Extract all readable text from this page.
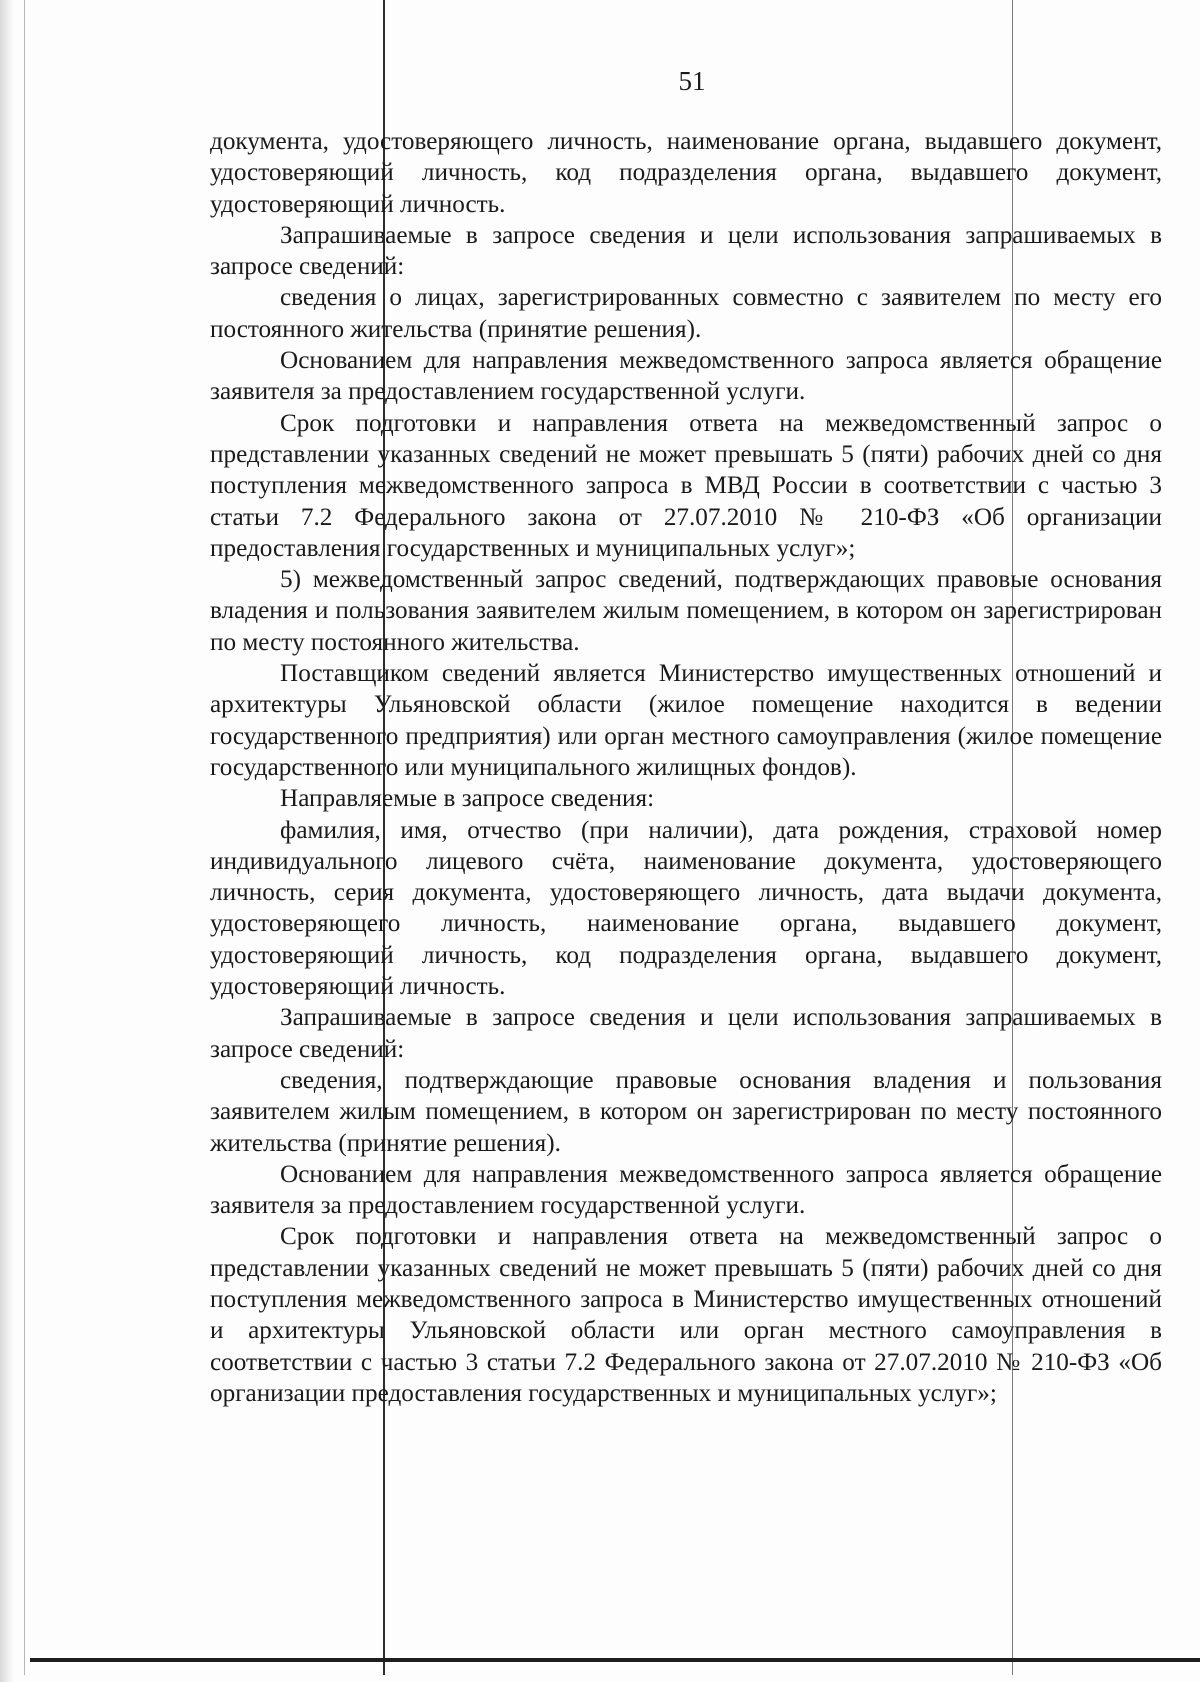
51

документа, удостоверяющего личность, наименование органа, выдавшего документ, удостоверяющий личность, код подразделения органа, выдавшего документ, удостоверяющий личность.

Запрашиваемые в запросе сведения и цели использования запрашиваемых в запросе сведений:

сведения о лицах, зарегистрированных совместно с заявителем по месту его постоянного жительства (принятие решения).

Основанием для направления межведомственного запроса является обращение заявителя за предоставлением государственной услуги.

Срок подготовки и направления ответа на межведомственный запрос о представлении указанных сведений не может превышать 5 (пяти) рабочих дней со дня поступления межведомственного запроса в МВД России в соответствии с частью 3 статьи 7.2 Федерального закона от 27.07.2010 № 210-ФЗ «Об организации предоставления государственных и муниципальных услуг»;

5) межведомственный запрос сведений, подтверждающих правовые основания владения и пользования заявителем жилым помещением, в котором он зарегистрирован по месту постоянного жительства.

Поставщиком сведений является Министерство имущественных отношений и архитектуры Ульяновской области (жилое помещение находится в ведении государственного предприятия) или орган местного самоуправления (жилое помещение государственного или муниципального жилищных фондов).

Направляемые в запросе сведения:

фамилия, имя, отчество (при наличии), дата рождения, страховой номер индивидуального лицевого счёта, наименование документа, удостоверяющего личность, серия документа, удостоверяющего личность, дата выдачи документа, удостоверяющего личность, наименование органа, выдавшего документ, удостоверяющий личность, код подразделения органа, выдавшего документ, удостоверяющий личность.

Запрашиваемые в запросе сведения и цели использования запрашиваемых в запросе сведений:

сведения, подтверждающие правовые основания владения и пользования заявителем жилым помещением, в котором он зарегистрирован по месту постоянного жительства (принятие решения).

Основанием для направления межведомственного запроса является обращение заявителя за предоставлением государственной услуги.

Срок подготовки и направления ответа на межведомственный запрос о представлении указанных сведений не может превышать 5 (пяти) рабочих дней со дня поступления межведомственного запроса в Министерство имущественных отношений и архитектуры Ульяновской области или орган местного самоуправления в соответствии с частью 3 статьи 7.2 Федерального закона от 27.07.2010 № 210-ФЗ «Об организации предоставления государственных и муниципальных услуг»;
